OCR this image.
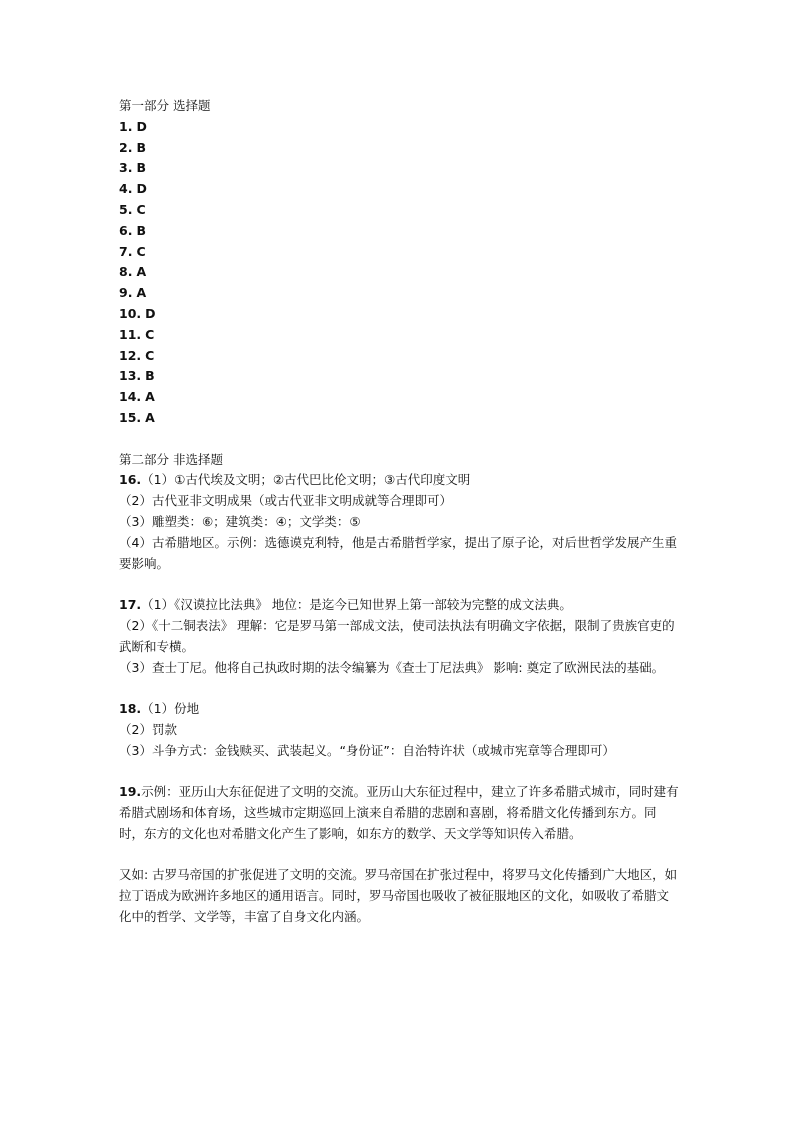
第一部分 选择题
1. D
2. B
3. B
4. D
5. C
6. B
7. C
8. A
9. A
10. D
11. C
12. C
13. B
14. A
15. A
第二部分 非选择题
16.（1）①古代埃及文明；②古代巴比伦文明；③古代印度文明
（2）古代亚非文明成果（或古代亚非文明成就等合理即可）
（3）雕塑类：⑥；建筑类：④；文学类：⑤
（4）古希腊地区。示例：选德谟克利特，他是古希腊哲学家，提出了原子论，对后世哲学发展产生重要影响。
17.（1）《汉谟拉比法典》 地位：是迄今已知世界上第一部较为完整的成文法典。
（2）《十二铜表法》 理解：它是罗马第一部成文法，使司法执法有明确文字依据，限制了贵族官吏的武断和专横。
（3）查士丁尼。他将自己执政时期的法令编纂为《查士丁尼法典》 影响: 奠定了欧洲民法的基础。
18.（1）份地
（2）罚款
（3）斗争方式：金钱赎买、武装起义。“身份证”：自治特许状（或城市宪章等合理即可）
19.示例：亚历山大东征促进了文明的交流。亚历山大东征过程中，建立了许多希腊式城市，同时建有希腊式剧场和体育场，这些城市定期巡回上演来自希腊的悲剧和喜剧，将希腊文化传播到东方。同时，东方的文化也对希腊文化产生了影响，如东方的数学、天文学等知识传入希腊。
又如: 古罗马帝国的扩张促进了文明的交流。罗马帝国在扩张过程中，将罗马文化传播到广大地区，如拉丁语成为欧洲许多地区的通用语言。同时，罗马帝国也吸收了被征服地区的文化，如吸收了希腊文化中的哲学、文学等，丰富了自身文化内涵。
